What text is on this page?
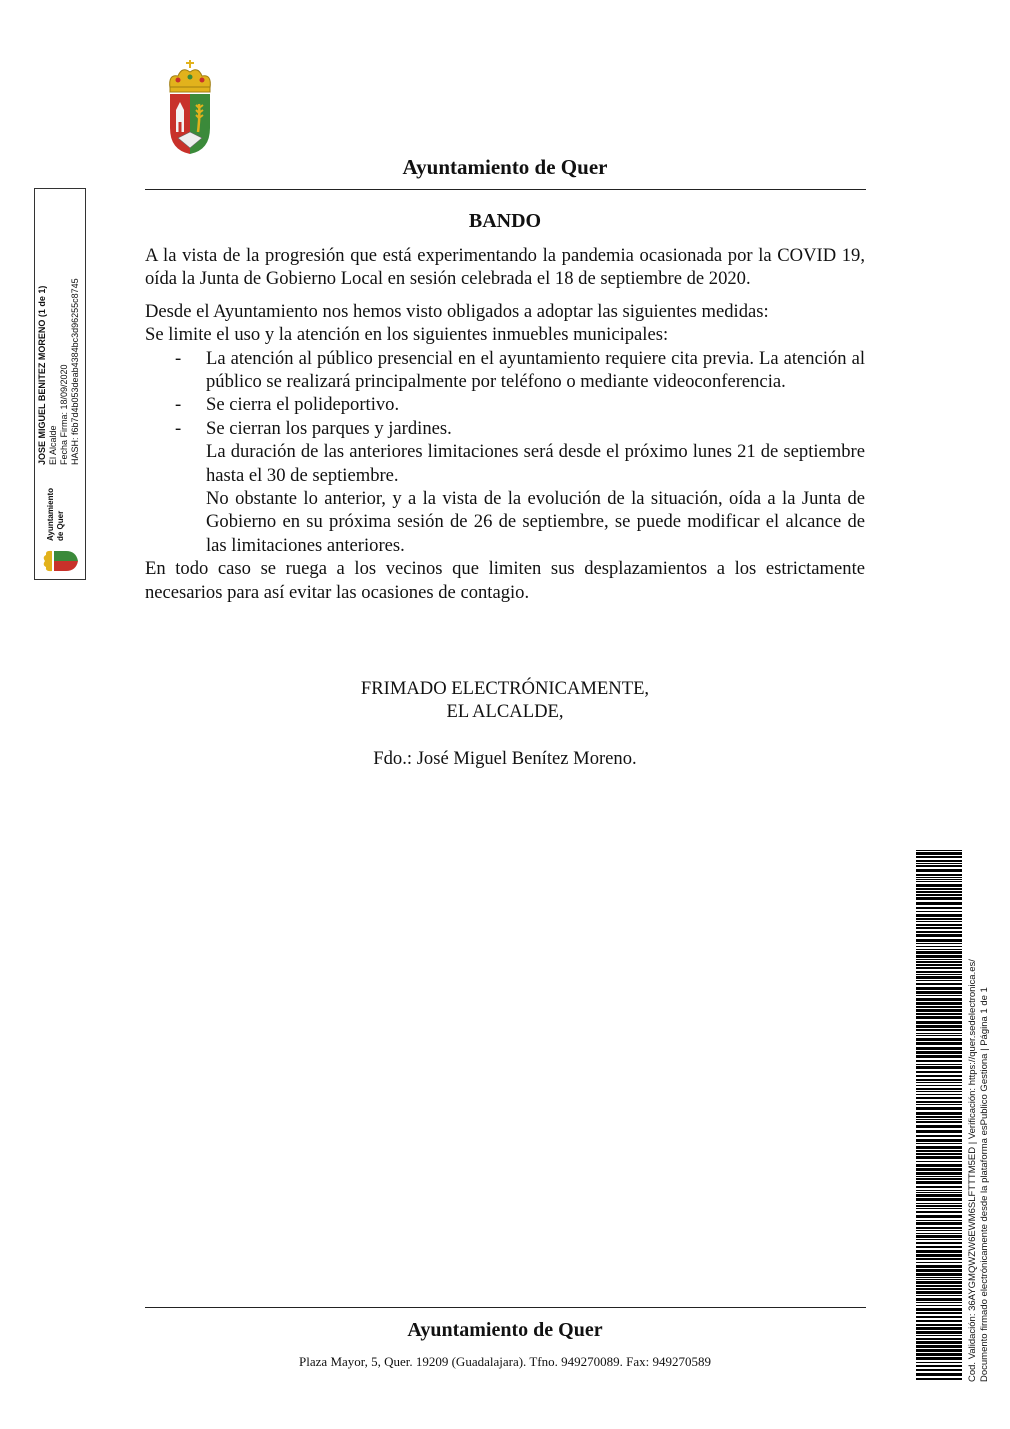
Ayuntamiento de Quer
BANDO

A la vista de la progresión que está experimentando la pandemia ocasionada por la COVID 19, oída la Junta de Gobierno Local en sesión celebrada el 18 de septiembre de 2020.

Desde el Ayuntamiento nos hemos visto obligados a adoptar las siguientes medidas:

Se limite el uso y la atención en los siguientes inmuebles municipales:

- La atención al público presencial en el ayuntamiento requiere cita previa. La atención al público se realizará principalmente por teléfono o mediante videoconferencia.
- Se cierra el polideportivo.
- Se cierran los parques y jardines.

La duración de las anteriores limitaciones será desde el próximo lunes 21 de septiembre hasta el 30 de septiembre.

No obstante lo anterior, y a la vista de la evolución de la situación, oída a la Junta de Gobierno en su próxima sesión de 26 de septiembre, se puede modificar el alcance de las limitaciones anteriores.

En todo caso se ruega a los vecinos que limiten sus desplazamientos a los estrictamente necesarios para así evitar las ocasiones de contagio.

FRIMADO ELECTRÓNICAMENTE,
EL ALCALDE,
Fdo.: José Miguel Benítez Moreno.
Ayuntamiento de Quer
Plaza Mayor, 5, Quer. 19209 (Guadalajara). Tfno. 949270089. Fax: 949270589
Ayuntamiento de Quer
JOSE MIGUEL BENITEZ MORENO (1 de 1) El Alcalde Fecha Firma: 18/09/2020 HASH: f6b7d4b053deab4384bc3d96255c8745
Cod. Validación: 36AYGMQWZW6EWM6SLFTTTM5ED | Verificación: https://quer.sedelectronica.es/ Documento firmado electrónicamente desde la plataforma esPublico Gestiona | Página 1 de 1
